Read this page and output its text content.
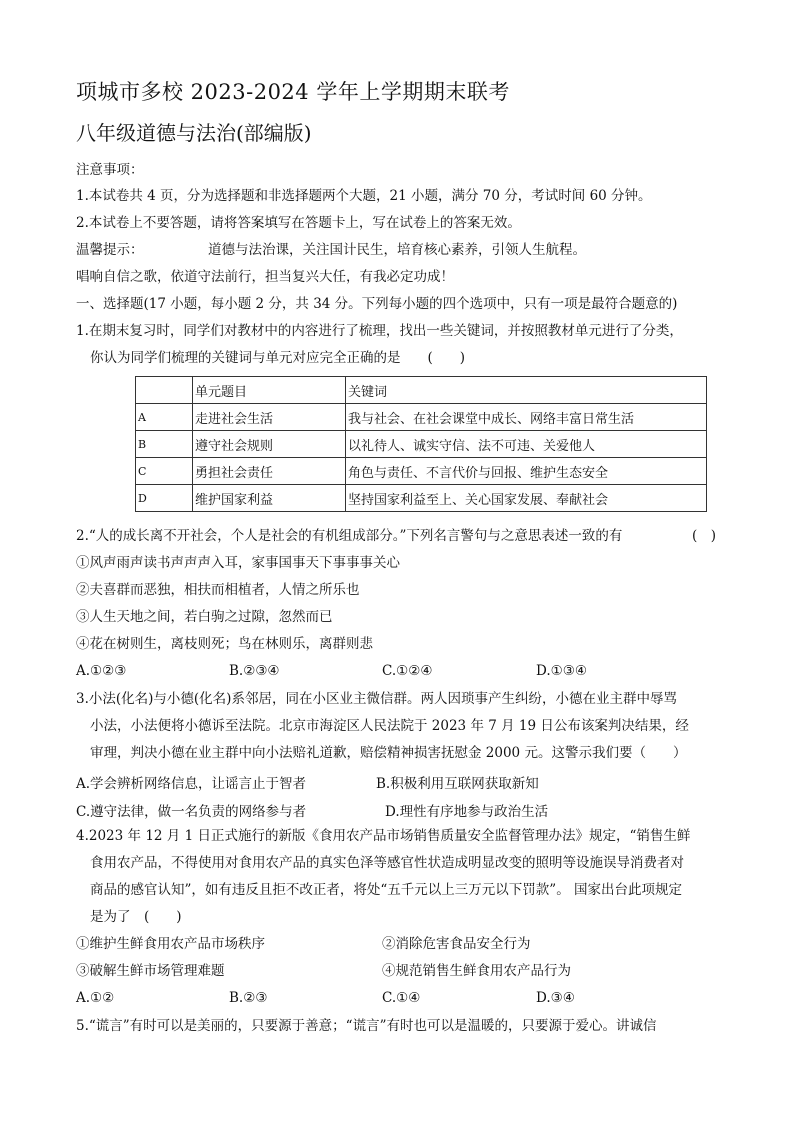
项城市多校 2023-2024 学年上学期期末联考
八年级道德与法治(部编版)
注意事项：
1.本试卷共 4 页，分为选择题和非选择题两个大题，21 小题，满分 70 分，考试时间 60 分钟。
2.本试卷上不要答题，请将答案填写在答题卡上，写在试卷上的答案无效。
温馨提示：	道德与法治课，关注国计民生，培育核心素养，引领人生航程。
唱响自信之歌，依道守法前行，担当复兴大任，有我必定功成！
一、选择题(17 小题，每小题 2 分，共 34 分。下列每小题的四个选项中，只有一项是最符合题意的)
1.在期末复习时，同学们对教材中的内容进行了梳理，找出一些关键词，并按照教材单元进行了分类，
你认为同学们梳理的关键词与单元对应完全正确的是　　(　　)
	单元题目	关键词
A	走进社会生活	我与社会、在社会课堂中成长、网络丰富日常生活
B	遵守社会规则	以礼待人、诚实守信、法不可违、关爱他人
C	勇担社会责任	角色与责任、不言代价与回报、维护生态安全
D	维护国家利益	坚持国家利益至上、关心国家发展、奉献社会
2.“人的成长离不开社会，个人是社会的有机组成部分。”下列名言警句与之意思表述一致的有	(　)
①风声雨声读书声声声入耳，家事国事天下事事事关心
②夫喜群而恶独，相扶而相植者，人情之所乐也
③人生天地之间，若白驹之过隙，忽然而已
④花在树则生，离枝则死；鸟在林则乐，离群则悲
A.①②③	B.②③④	C.①②④	D.①③④
3.小法(化名)与小德(化名)系邻居，同在小区业主微信群。两人因琐事产生纠纷，小德在业主群中辱骂
小法，小法便将小德诉至法院。北京市海淀区人民法院于 2023 年 7 月 19 日公布该案判决结果，经
审理，判决小德在业主群中向小法赔礼道歉，赔偿精神损害抚慰金 2000 元。这警示我们要（　　）
A.学会辨析网络信息，让谣言止于智者	B.积极利用互联网获取新知
C.遵守法律，做一名负责的网络参与者	D.理性有序地参与政治生活
4.2023 年 12 月 1 日正式施行的新版《食用农产品市场销售质量安全监督管理办法》规定，“销售生鲜
食用农产品，不得使用对食用农产品的真实色泽等感官性状造成明显改变的照明等设施误导消费者对
商品的感官认知”，如有违反且拒不改正者，将处“五千元以上三万元以下罚款”。 国家出台此项规定
是为了　(　　)
①维护生鲜食用农产品市场秩序	②消除危害食品安全行为
③破解生鲜市场管理难题	④规范销售生鲜食用农产品行为
A.①②	B.②③	C.①④	D.③④
5.“谎言”有时可以是美丽的，只要源于善意；“谎言”有时也可以是温暖的，只要源于爱心。讲诚信
